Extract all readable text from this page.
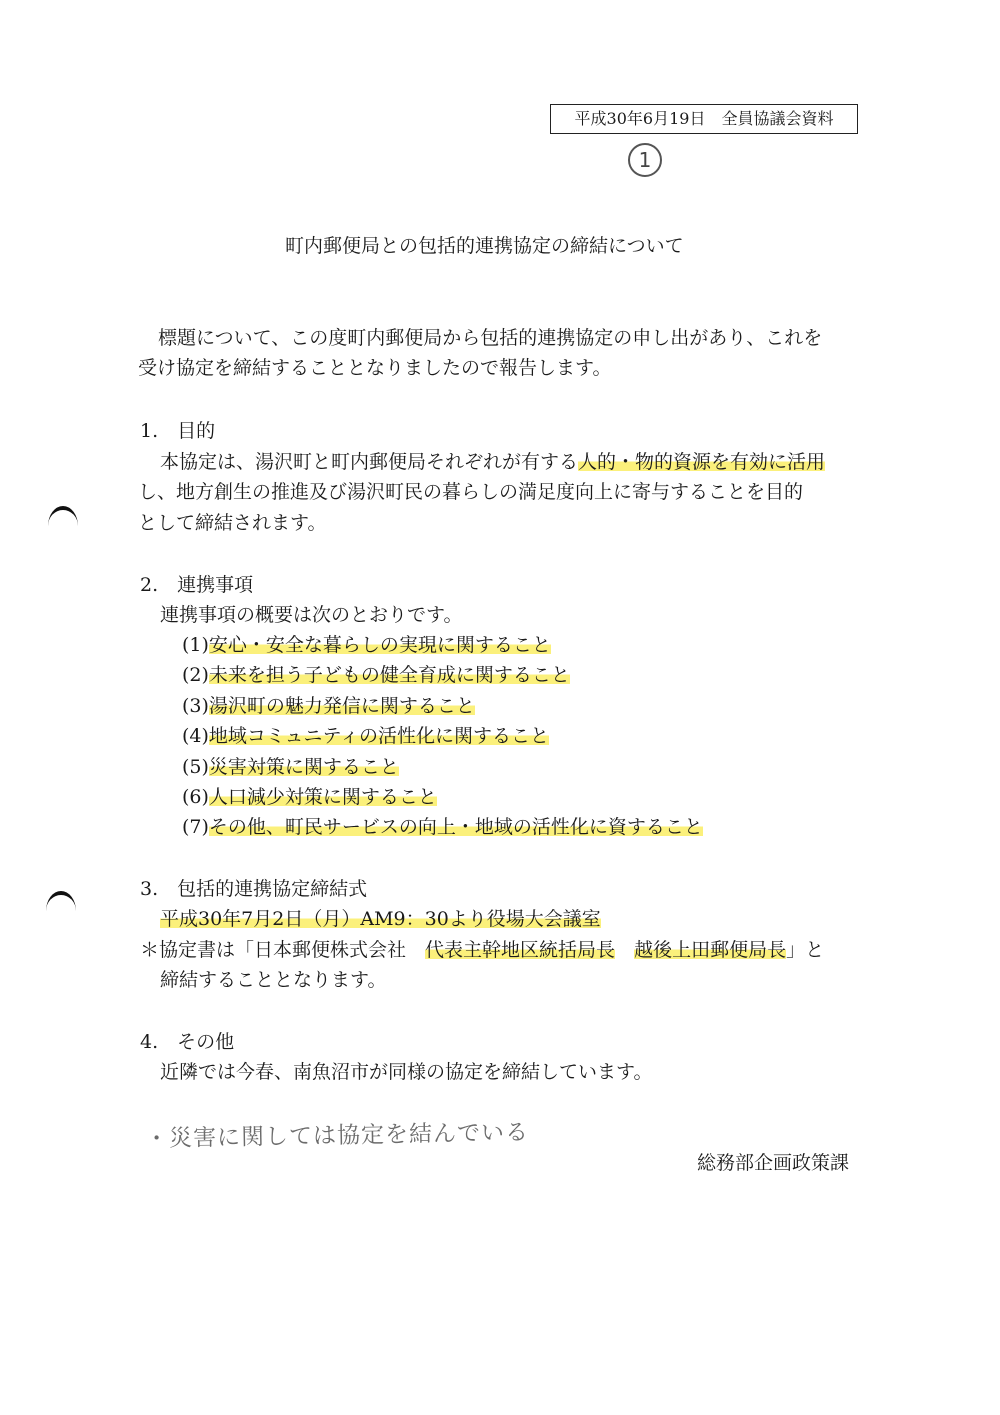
平成30年6月19日　全員協議会資料
1
町内郵便局との包括的連携協定の締結について
標題について、この度町内郵便局から包括的連携協定の申し出があり、これを
受け協定を締結することとなりましたので報告します。
1.　目的
本協定は、湯沢町と町内郵便局それぞれが有する人的・物的資源を有効に活用
し、地方創生の推進及び湯沢町民の暮らしの満足度向上に寄与することを目的
として締結されます。
2.　連携事項
連携事項の概要は次のとおりです。
(1)安心・安全な暮らしの実現に関すること
(2)未来を担う子どもの健全育成に関すること
(3)湯沢町の魅力発信に関すること
(4)地域コミュニティの活性化に関すること
(5)災害対策に関すること
(6)人口減少対策に関すること
(7)その他、町民サービスの向上・地域の活性化に資すること
3.　包括的連携協定締結式
平成30年7月2日（月）AM9：30より役場大会議室
＊協定書は「日本郵便株式会社　代表主幹地区統括局長　 越後上田郵便局長」と
締結することとなります。
4.　その他
近隣では今春、南魚沼市が同様の協定を締結しています。
・災害に関しては協定を結んでいる
総務部企画政策課
